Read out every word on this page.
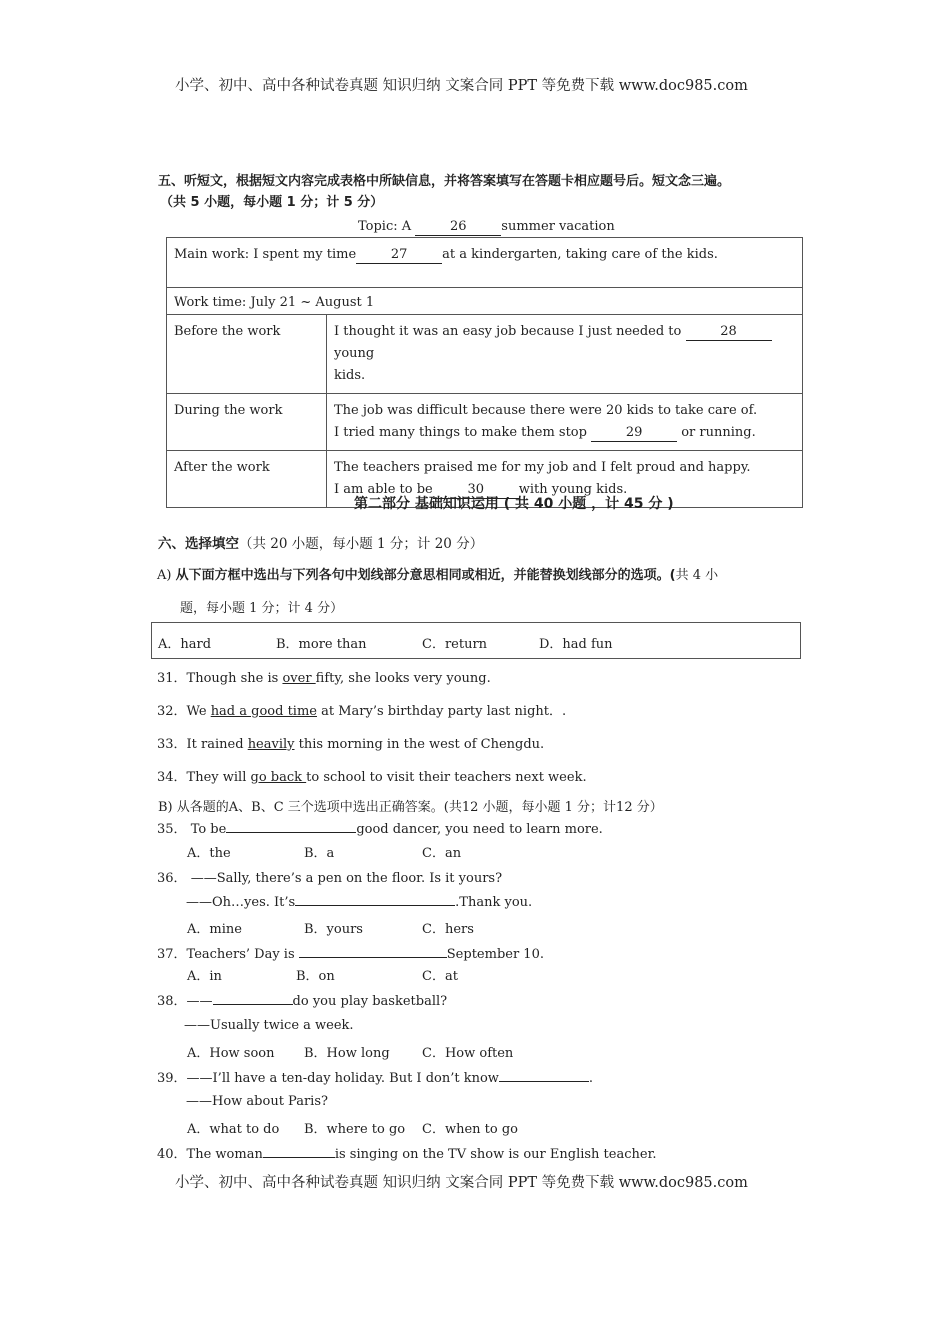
小学、初中、高中各种试卷真题 知识归纳 文案合同 PPT 等免费下载 www.doc985.com
五、听短文，根据短文内容完成表格中所缺信息，并将答案填写在答题卡相应题号后。短文念三遍。
（共 5 小题，每小题 1 分；计 5 分）
Topic: A	26	summer vacation
Main work: I spent my time 27 at a kindergarten, taking care of the kids.	
Work time: July 21 ~ August 1	
Before the work	I thought it was an easy job because I just needed to 28young
kids.
During the work	The job was difficult because there were 20 kids to take care of.
I tried many things to make them stop 29 or running.
After the work	The teachers praised me for my job and I felt proud and happy.
I am able to be 30 with young kids.
第二部分 基础知识运用 ( 共 40 小题 ，计 45 分 )
六、选择填空（共 20 小题，每小题 1 分；计 20 分）
A) 从下面方框中选出与下列各句中划线部分意思相同或相近，并能替换划线部分的选项。(共 4 小
题，每小题 1 分；计 4 分）
A．hard	B．more than	C．return	D．had fun
31．Though she is over fifty, she looks very young.
32．We had a good time at Mary’s birthday party last night．.
33．It rained heavily this morning in the west of Chengdu.
34．They will go back to school to visit their teachers next week.
B) 从各题的A、B、C 三个选项中选出正确答案。(共12 小题，每小题 1 分；计12 分）
35． To be	good dancer, you need to learn more.
A．the	B．a	C．an
36． ——Sally, there’s a pen on the floor. Is it yours?
——Oh…yes. It’s	.Thank you.
A．mine	B．yours	C．hers
37．Teachers’ Day is	September 10.
A．in	B．on	C．at
38．——	do you play basketball?
——Usually twice a week.
A．How soon B．How long C．How often
39．——I’ll have a ten-day holiday. But I don’t know	.
——How about Paris?
A．what to do B．where to go C．when to go
40．The woman	is singing on the TV show is our English teacher.
小学、初中、高中各种试卷真题 知识归纳 文案合同 PPT 等免费下载 www.doc985.com
